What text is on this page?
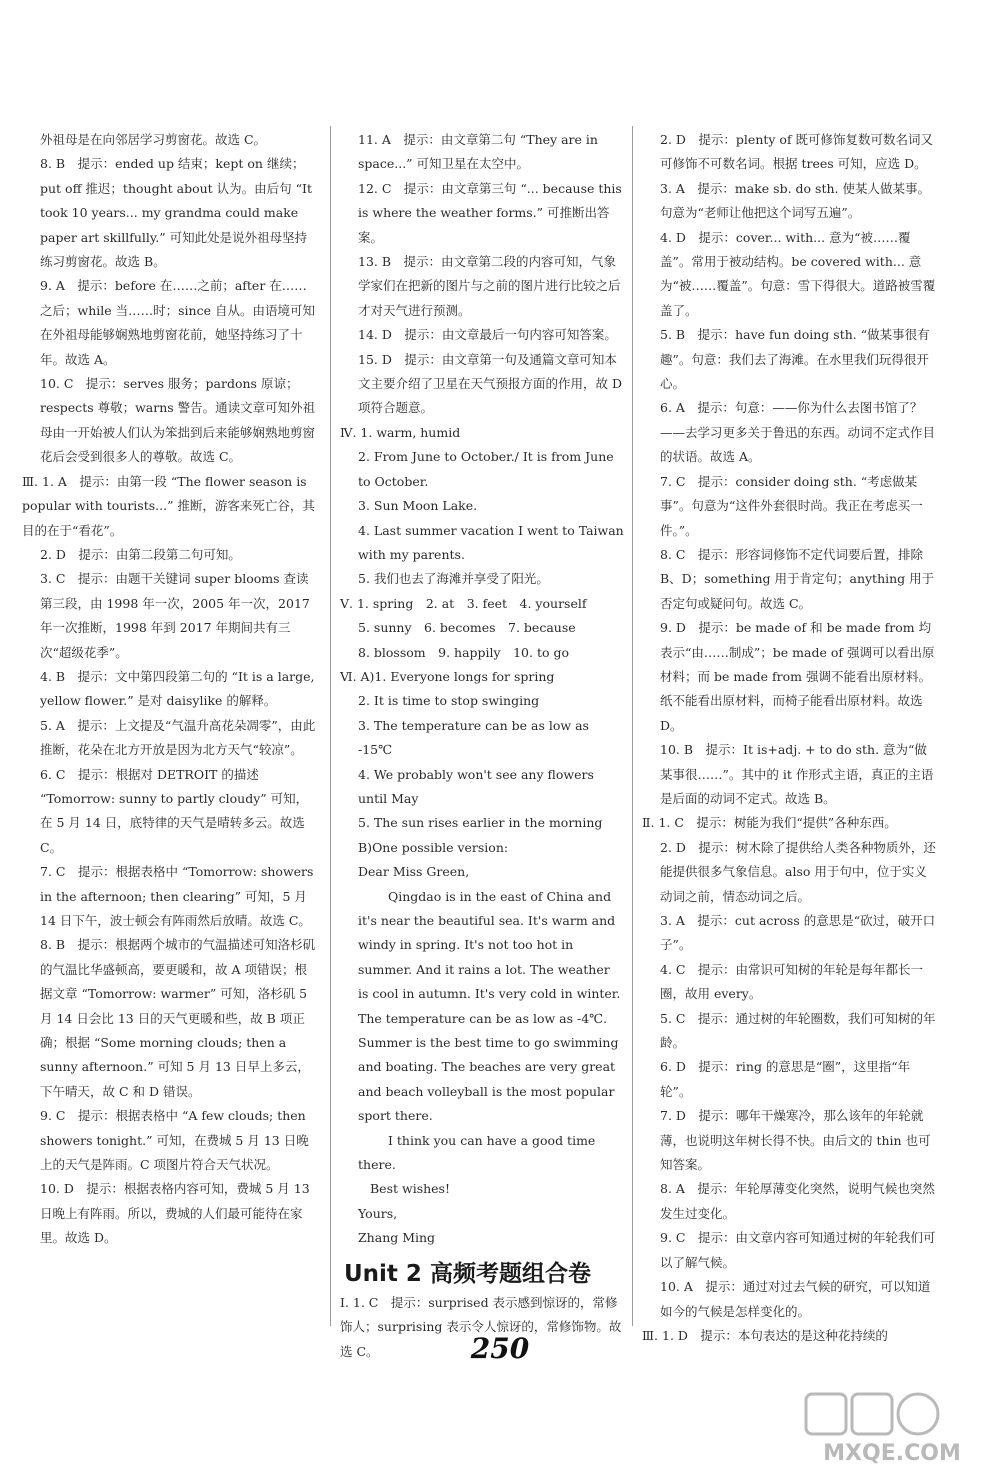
外祖母是在向邻居学习剪窗花。故选 C。

8. B　提示：ended up 结束；kept on 继续；put off 推迟；thought about 认为。由后句 “It took 10 years... my grandma could make paper art skillfully.” 可知此处是说外祖母坚持练习剪窗花。故选 B。

9. A　提示：before 在……之前；after 在……之后；while 当……时；since 自从。由语境可知在外祖母能够娴熟地剪窗花前，她坚持练习了十年。故选 A。

10. C　提示：serves 服务；pardons 原谅；respects 尊敬；warns 警告。通读文章可知外祖母由一开始被人们认为笨拙到后来能够娴熟地剪窗花后会受到很多人的尊敬。故选 C。

Ⅲ. 1. A　提示：由第一段 “The flower season is popular with tourists...” 推断，游客来死亡谷，其目的在于“看花”。

2. D　提示：由第二段第二句可知。

3. C　提示：由题干关键词 super blooms 查读第三段，由 1998 年一次，2005 年一次，2017 年一次推断，1998 年到 2017 年期间共有三次“超级花季”。

4. B　提示：文中第四段第二句的 “It is a large, yellow flower.” 是对 daisylike 的解释。

5. A　提示：上文提及“气温升高花朵凋零”，由此推断，花朵在北方开放是因为北方天气“较凉”。

6. C　提示：根据对 DETROIT 的描述 “Tomorrow: sunny to partly cloudy” 可知，在 5 月 14 日，底特律的天气是晴转多云。故选 C。

7. C　提示：根据表格中 “Tomorrow: showers in the afternoon; then clearing” 可知，5 月 14 日下午，波士顿会有阵雨然后放晴。故选 C。

8. B　提示：根据两个城市的气温描述可知洛杉矶的气温比华盛顿高，要更暖和，故 A 项错误；根据文章 “Tomorrow: warmer” 可知，洛杉矶 5 月 14 日会比 13 日的天气更暖和些，故 B 项正确；根据 “Some morning clouds; then a sunny afternoon.” 可知 5 月 13 日早上多云，下午晴天，故 C 和 D 错误。

9. C　提示：根据表格中 “A few clouds; then showers tonight.” 可知，在费城 5 月 13 日晚上的天气是阵雨。C 项图片符合天气状况。

10. D　提示：根据表格内容可知，费城 5 月 13 日晚上有阵雨。所以，费城的人们最可能待在家里。故选 D。

11. A　提示：由文章第二句 “They are in space...” 可知卫星在太空中。

12. C　提示：由文章第三句 “... because this is where the weather forms.” 可推断出答案。

13. B　提示：由文章第二段的内容可知，气象学家们在把新的图片与之前的图片进行比较之后才对天气进行预测。

14. D　提示：由文章最后一句内容可知答案。

15. D　提示：由文章第一句及通篇文章可知本文主要介绍了卫星在天气预报方面的作用，故 D 项符合题意。

Ⅳ. 1. warm, humid

2. From June to October./ It is from June to October.

3. Sun Moon Lake.

4. Last summer vacation I went to Taiwan with my parents.

5. 我们也去了海滩并享受了阳光。

Ⅴ. 1. spring　2. at　3. feet　4. yourself

5. sunny　6. becomes　7. because

8. blossom　9. happily　10. to go

Ⅵ. A)1. Everyone longs for spring

2. It is time to stop swinging

3. The temperature can be as low as -15℃

4. We probably won't see any flowers until May

5. The sun rises earlier in the morning

B)One possible version:

Dear Miss Green,

Qingdao is in the east of China and it's near the beautiful sea. It's warm and windy in spring. It's not too hot in summer. And it rains a lot. The weather is cool in autumn. It's very cold in winter. The temperature can be as low as -4℃. Summer is the best time to go swimming and boating. The beaches are very great and beach volleyball is the most popular sport there.

I think you can have a good time there.

Best wishes!

Yours,

Zhang Ming

Unit 2 高频考题组合卷

Ⅰ. 1. C　提示：surprised 表示感到惊讶的，常修饰人；surprising 表示令人惊讶的，常修饰物。故选 C。

2. D　提示：plenty of 既可修饰复数可数名词又可修饰不可数名词。根据 trees 可知，应选 D。

3. A　提示：make sb. do sth. 使某人做某事。句意为“老师让他把这个词写五遍”。

4. D　提示：cover... with... 意为“被……覆盖”。常用于被动结构。be covered with... 意为“被……覆盖”。句意：雪下得很大。道路被雪覆盖了。

5. B　提示：have fun doing sth. “做某事很有趣”。句意：我们去了海滩。在水里我们玩得很开心。

6. A　提示：句意：——你为什么去图书馆了？——去学习更多关于鲁迅的东西。动词不定式作目的状语。故选 A。

7. C　提示：consider doing sth. “考虑做某事”。句意为“这件外套很时尚。我正在考虑买一件。”。

8. C　提示：形容词修饰不定代词要后置，排除 B、D；something 用于肯定句；anything 用于否定句或疑问句。故选 C。

9. D　提示：be made of 和 be made from 均表示“由……制成”；be made of 强调可以看出原材料；而 be made from 强调不能看出原材料。纸不能看出原材料，而椅子能看出原材料。故选 D。

10. B　提示：It is+adj. + to do sth. 意为“做某事很……”。其中的 it 作形式主语，真正的主语是后面的动词不定式。故选 B。

Ⅱ. 1. C　提示：树能为我们“提供”各种东西。

2. D　提示：树木除了提供给人类各种物质外，还能提供很多气象信息。also 用于句中，位于实义动词之前，情态动词之后。

3. A　提示：cut across 的意思是“砍过，破开口子”。

4. C　提示：由常识可知树的年轮是每年都长一圈，故用 every。

5. C　提示：通过树的年轮圈数，我们可知树的年龄。

6. D　提示：ring 的意思是“圈”，这里指“年轮”。

7. D　提示：哪年干燥寒冷，那么该年的年轮就薄，也说明这年树长得不快。由后文的 thin 也可知答案。

8. A　提示：年轮厚薄变化突然，说明气候也突然发生过变化。

9. C　提示：由文章内容可知通过树的年轮我们可以了解气候。

10. A　提示：通过对过去气候的研究，可以知道如今的气候是怎样变化的。

Ⅲ. 1. D　提示：本句表达的是这种花持续的

250
MXQE.COM
